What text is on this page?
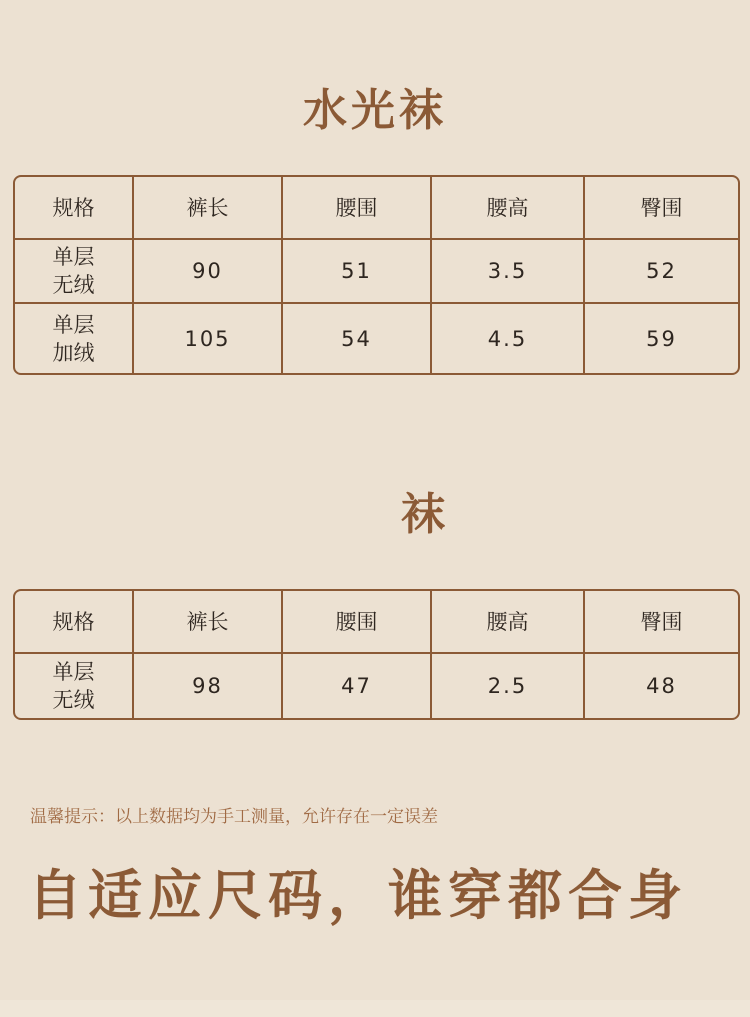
水光袜
规格	裤长	腰围	腰高	臀围

单层
无绒	90	51	3.5	52

单层
加绒	105	54	4.5	59
袜
规格	裤长	腰围	腰高	臀围

单层
无绒	98	47	2.5	48
温馨提示：以上数据均为手工测量，允许存在一定误差
自适应尺码，谁穿都合身
